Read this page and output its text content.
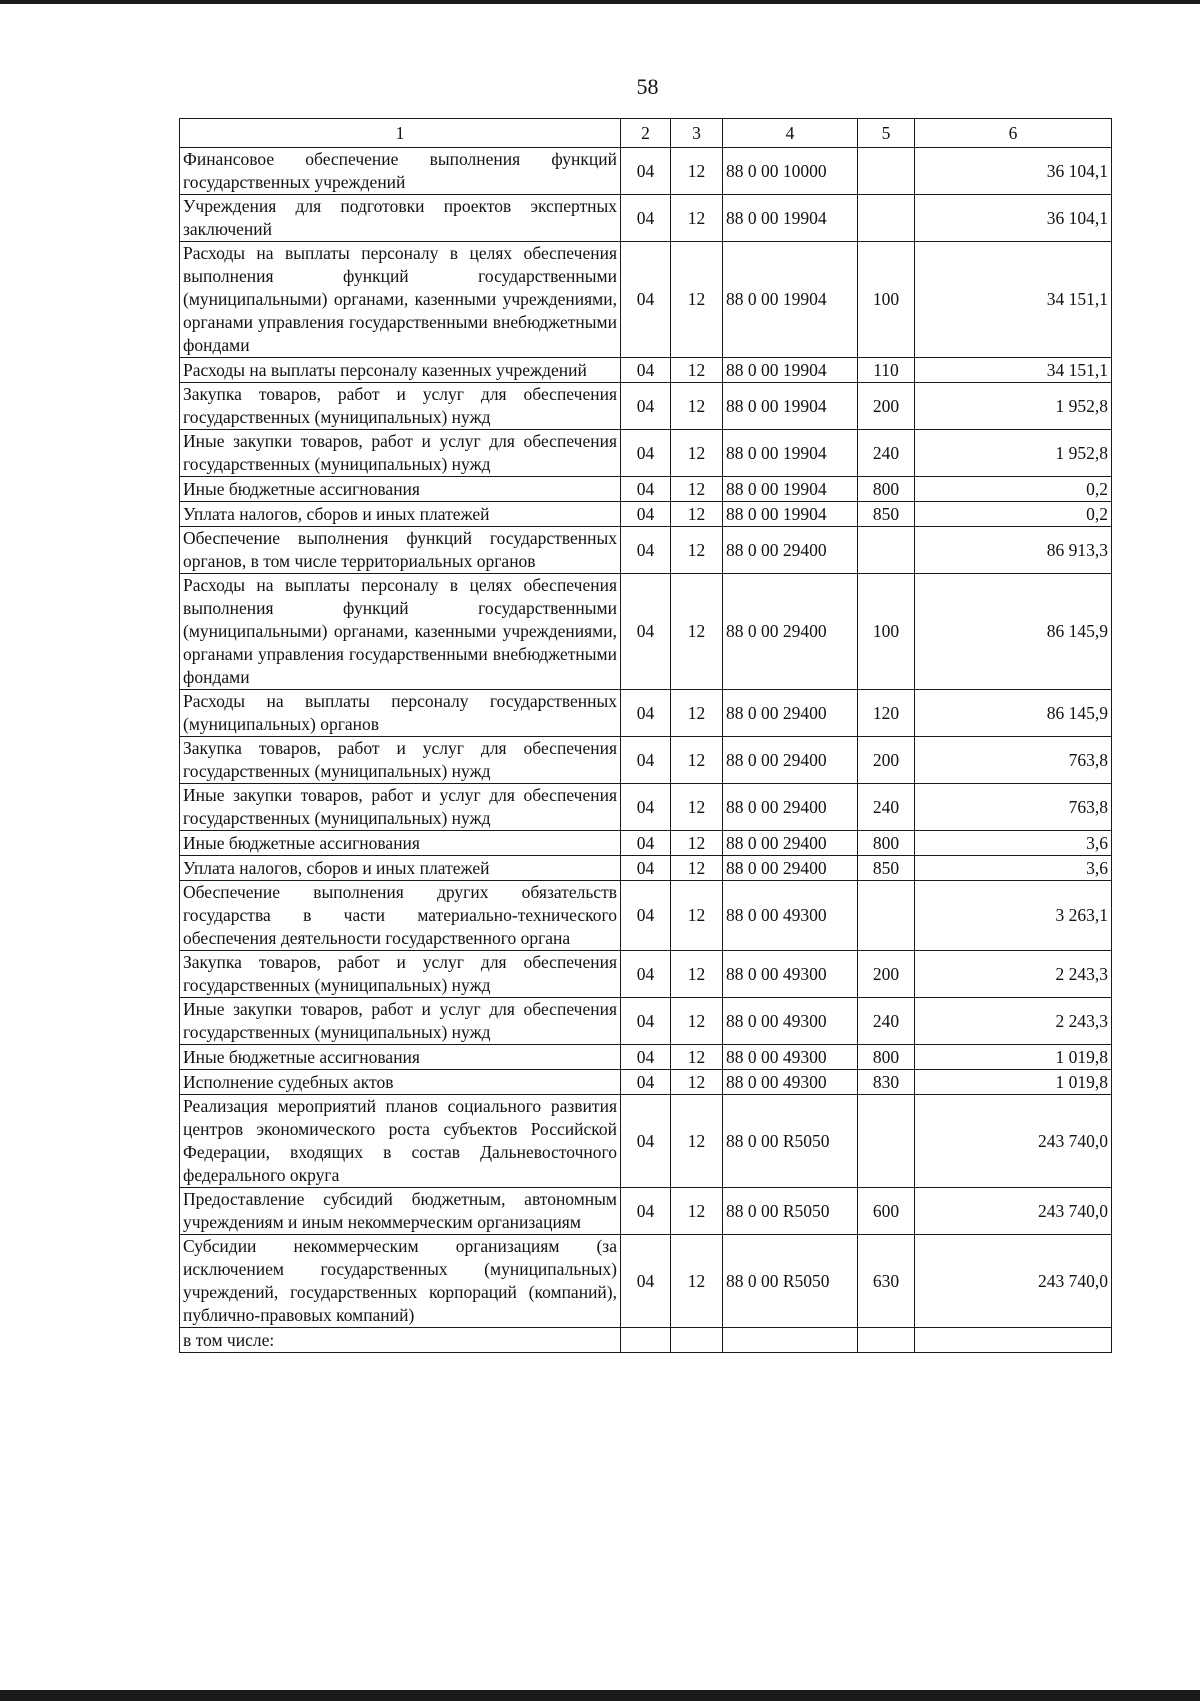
58
1	2	3	4	5	6
Финансовое обеспечение выполнения функций государственных учреждений	04	12	88 0 00 10000		36 104,1
Учреждения для подготовки проектов экспертных заключений	04	12	88 0 00 19904		36 104,1
Расходы на выплаты персоналу в целях обеспечения выполнения функций государственными (муниципальными) органами, казенными учреждениями, органами управления государственными внебюджетными фондами	04	12	88 0 00 19904	100	34 151,1
Расходы на выплаты персоналу казенных учреждений	04	12	88 0 00 19904	110	34 151,1
Закупка товаров, работ и услуг для обеспечения государственных (муниципальных) нужд	04	12	88 0 00 19904	200	1 952,8
Иные закупки товаров, работ и услуг для обеспечения государственных (муниципальных) нужд	04	12	88 0 00 19904	240	1 952,8
Иные бюджетные ассигнования	04	12	88 0 00 19904	800	0,2
Уплата налогов, сборов и иных платежей	04	12	88 0 00 19904	850	0,2
Обеспечение выполнения функций государственных органов, в том числе территориальных органов	04	12	88 0 00 29400		86 913,3
Расходы на выплаты персоналу в целях обеспечения выполнения функций государственными (муниципальными) органами, казенными учреждениями, органами управления государственными внебюджетными фондами	04	12	88 0 00 29400	100	86 145,9
Расходы на выплаты персоналу государственных (муниципальных) органов	04	12	88 0 00 29400	120	86 145,9
Закупка товаров, работ и услуг для обеспечения государственных (муниципальных) нужд	04	12	88 0 00 29400	200	763,8
Иные закупки товаров, работ и услуг для обеспечения государственных (муниципальных) нужд	04	12	88 0 00 29400	240	763,8
Иные бюджетные ассигнования	04	12	88 0 00 29400	800	3,6
Уплата налогов, сборов и иных платежей	04	12	88 0 00 29400	850	3,6
Обеспечение выполнения других обязательств государства в части материально-технического обеспечения деятельности государственного органа	04	12	88 0 00 49300		3 263,1
Закупка товаров, работ и услуг для обеспечения государственных (муниципальных) нужд	04	12	88 0 00 49300	200	2 243,3
Иные закупки товаров, работ и услуг для обеспечения государственных (муниципальных) нужд	04	12	88 0 00 49300	240	2 243,3
Иные бюджетные ассигнования	04	12	88 0 00 49300	800	1 019,8
Исполнение судебных актов	04	12	88 0 00 49300	830	1 019,8
Реализация мероприятий планов социального развития центров экономического роста субъектов Российской Федерации, входящих в состав Дальневосточного федерального округа	04	12	88 0 00 R5050		243 740,0
Предоставление субсидий бюджетным, автономным учреждениям и иным некоммерческим организациям	04	12	88 0 00 R5050	600	243 740,0
Субсидии некоммерческим организациям (за исключением государственных (муниципальных) учреждений, государственных корпораций (компаний), публично-правовых компаний)	04	12	88 0 00 R5050	630	243 740,0
в том числе:					
